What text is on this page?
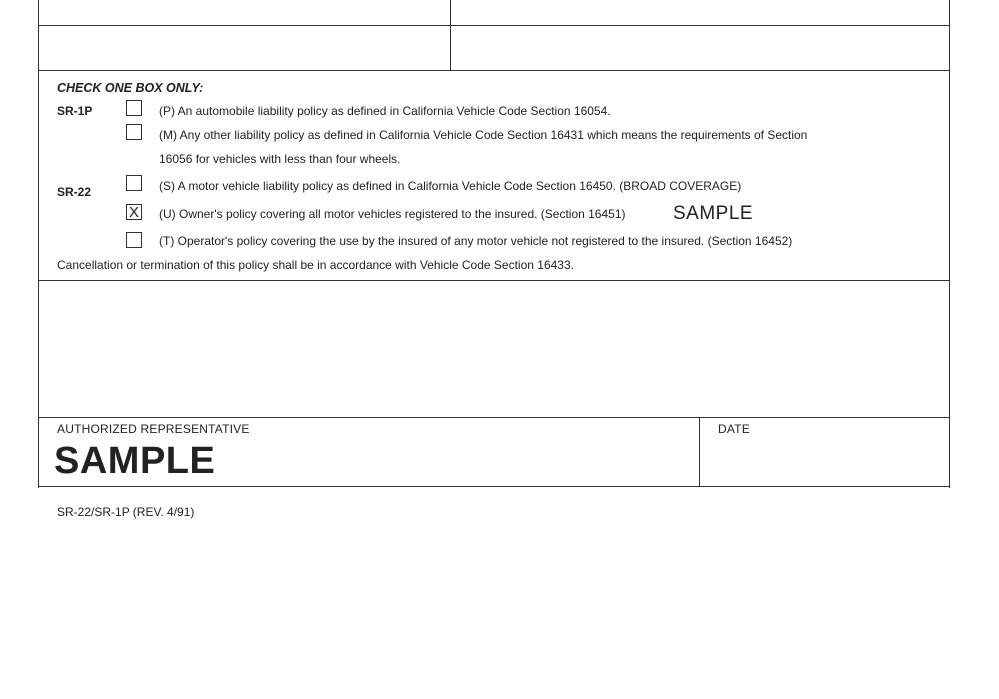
CHECK ONE BOX ONLY:
SR-1P
SR-22
(P) An automobile liability policy as defined in California Vehicle Code Section 16054.
(M) Any other liability policy as defined in California Vehicle Code Section 16431 which means the requirements of Section
16056 for vehicles with less than four wheels.
(S) A motor vehicle liability policy as defined in California Vehicle Code Section 16450. (BROAD COVERAGE)
X (U) Owner's policy covering all motor vehicles registered to the insured. (Section 16451)	SAMPLE
(T) Operator's policy covering the use by the insured of any motor vehicle not registered to the insured. (Section 16452)
Cancellation or termination of this policy shall be in accordance with Vehicle Code Section 16433.
AUTHORIZED REPRESENTATIVE
SAMPLE
DATE
SR-22/SR-1P (REV. 4/91)
